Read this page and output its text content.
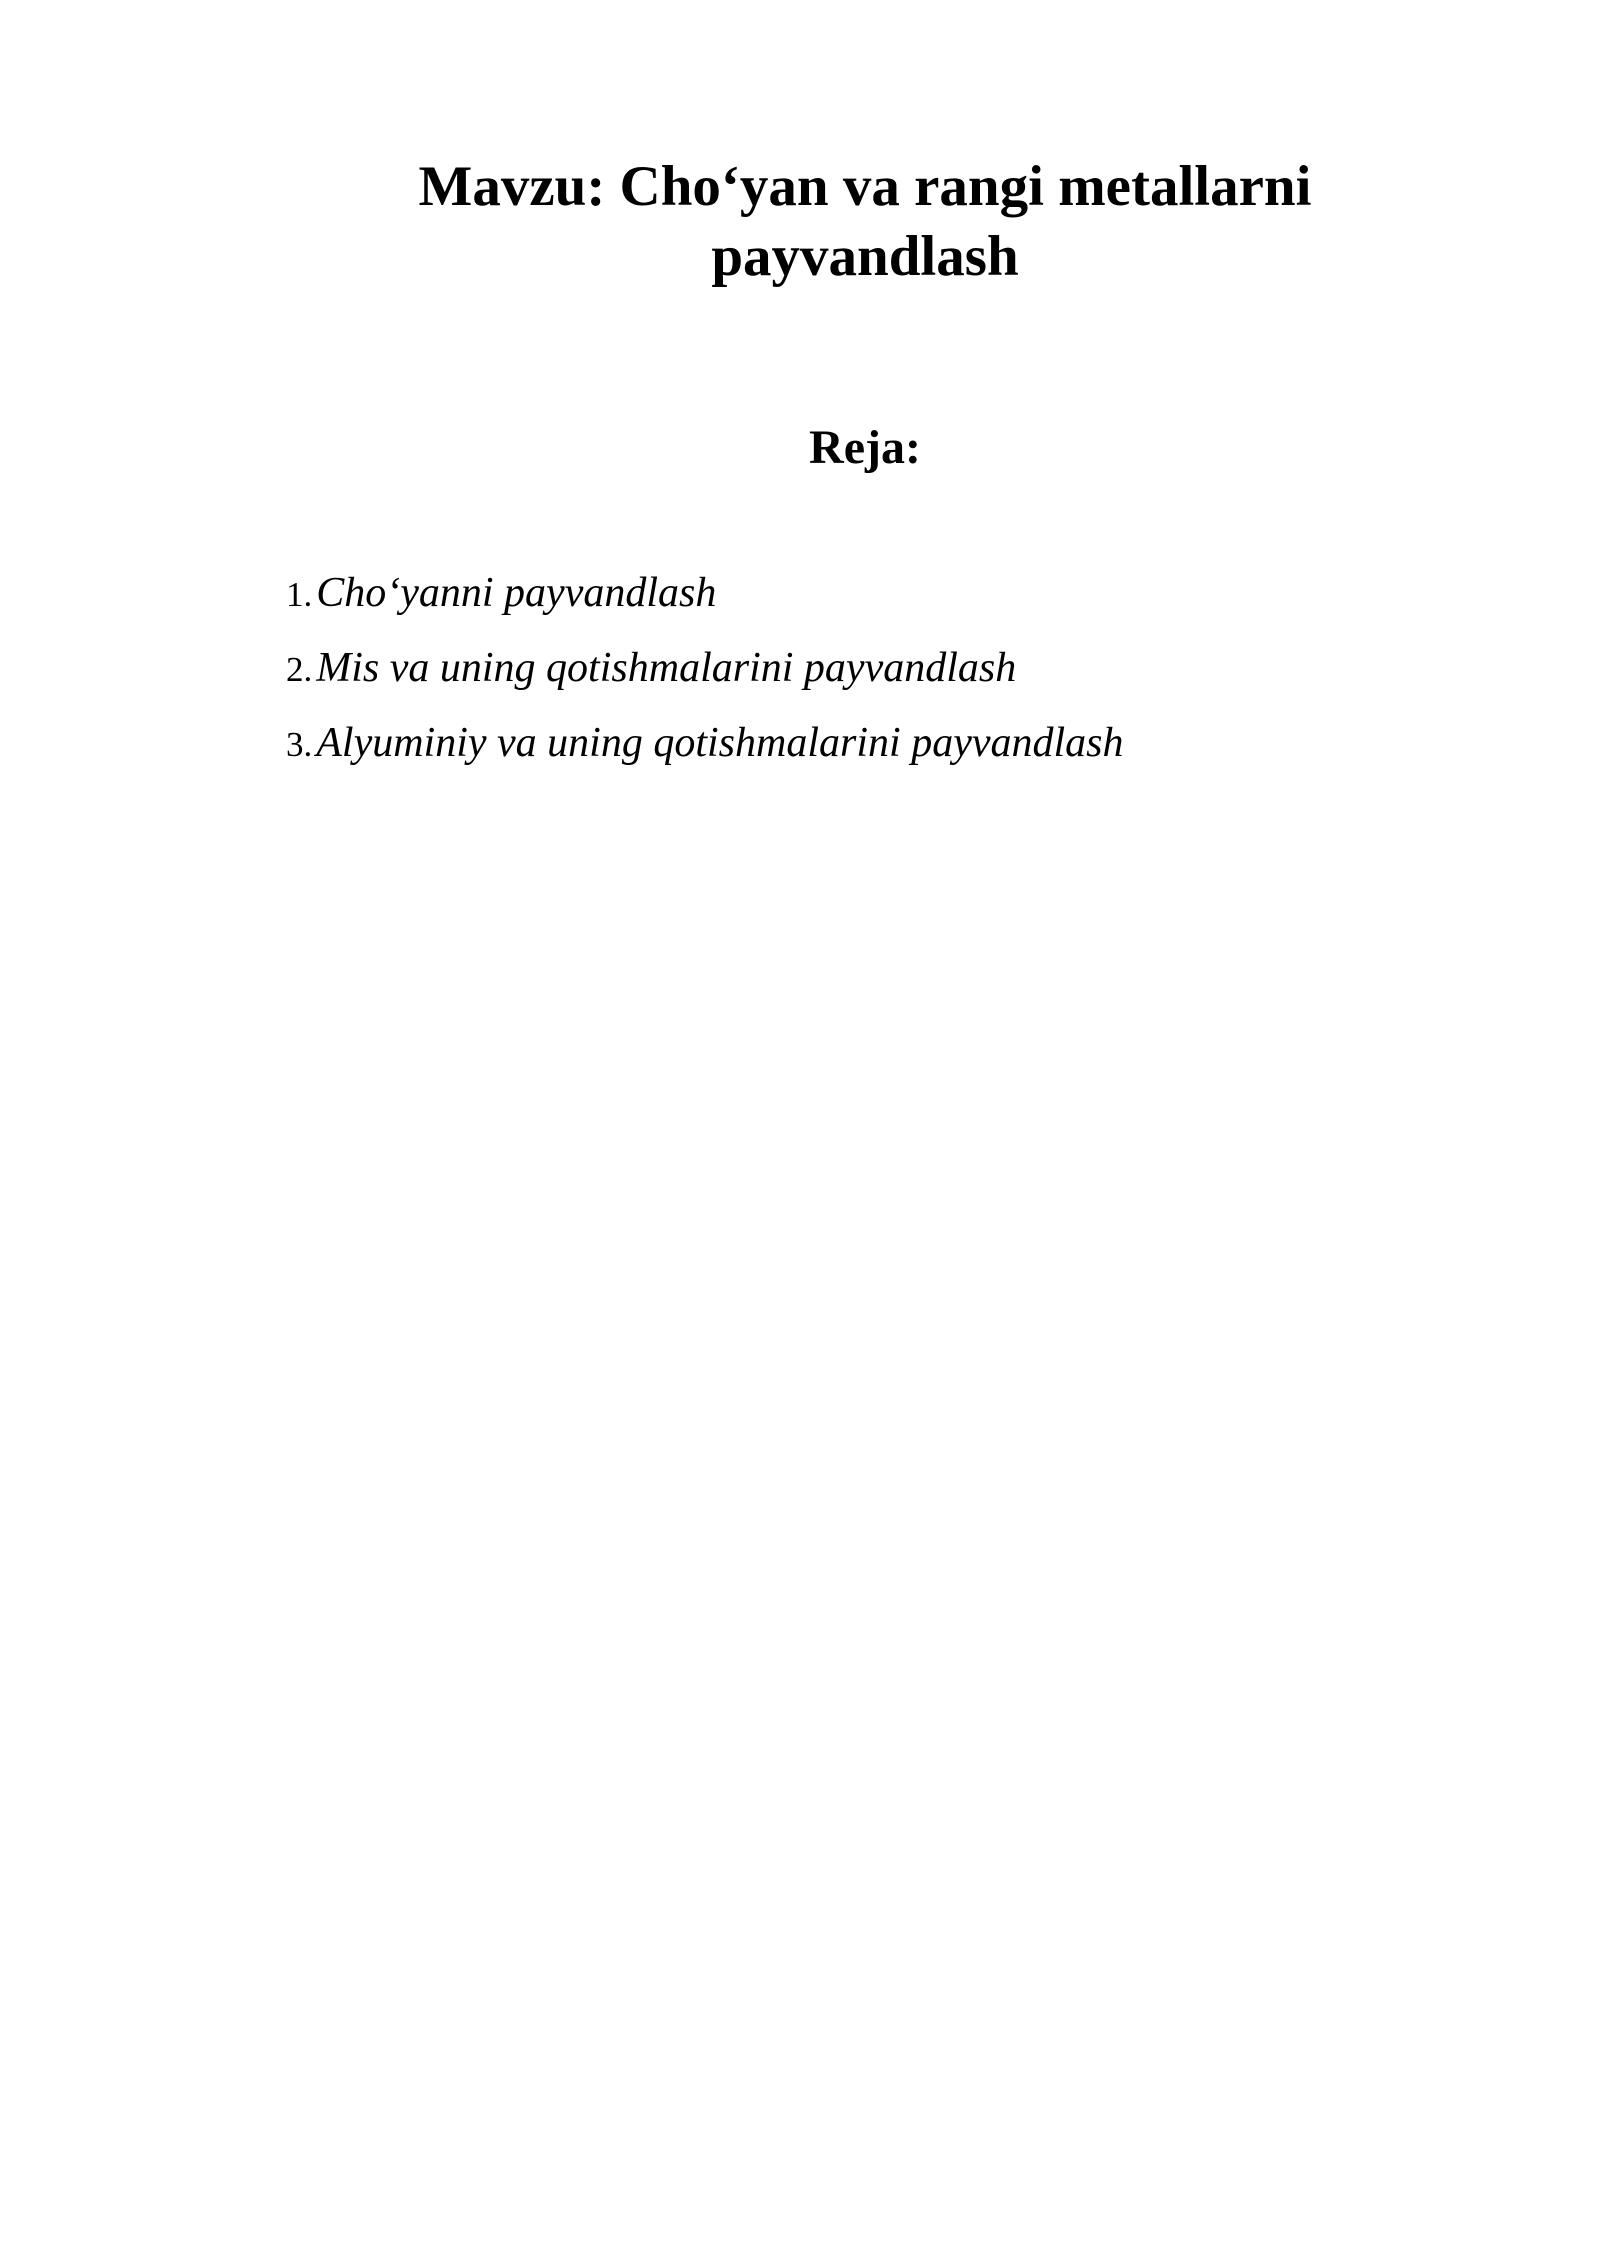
Mavzu: Cho‘yan va rangi metallarni
payvandlash
Reja:
1. Cho‘yanni payvandlash
2. Mis va uning qotishmalarini payvandlash
3. Alyuminiy va uning qotishmalarini payvandlash
